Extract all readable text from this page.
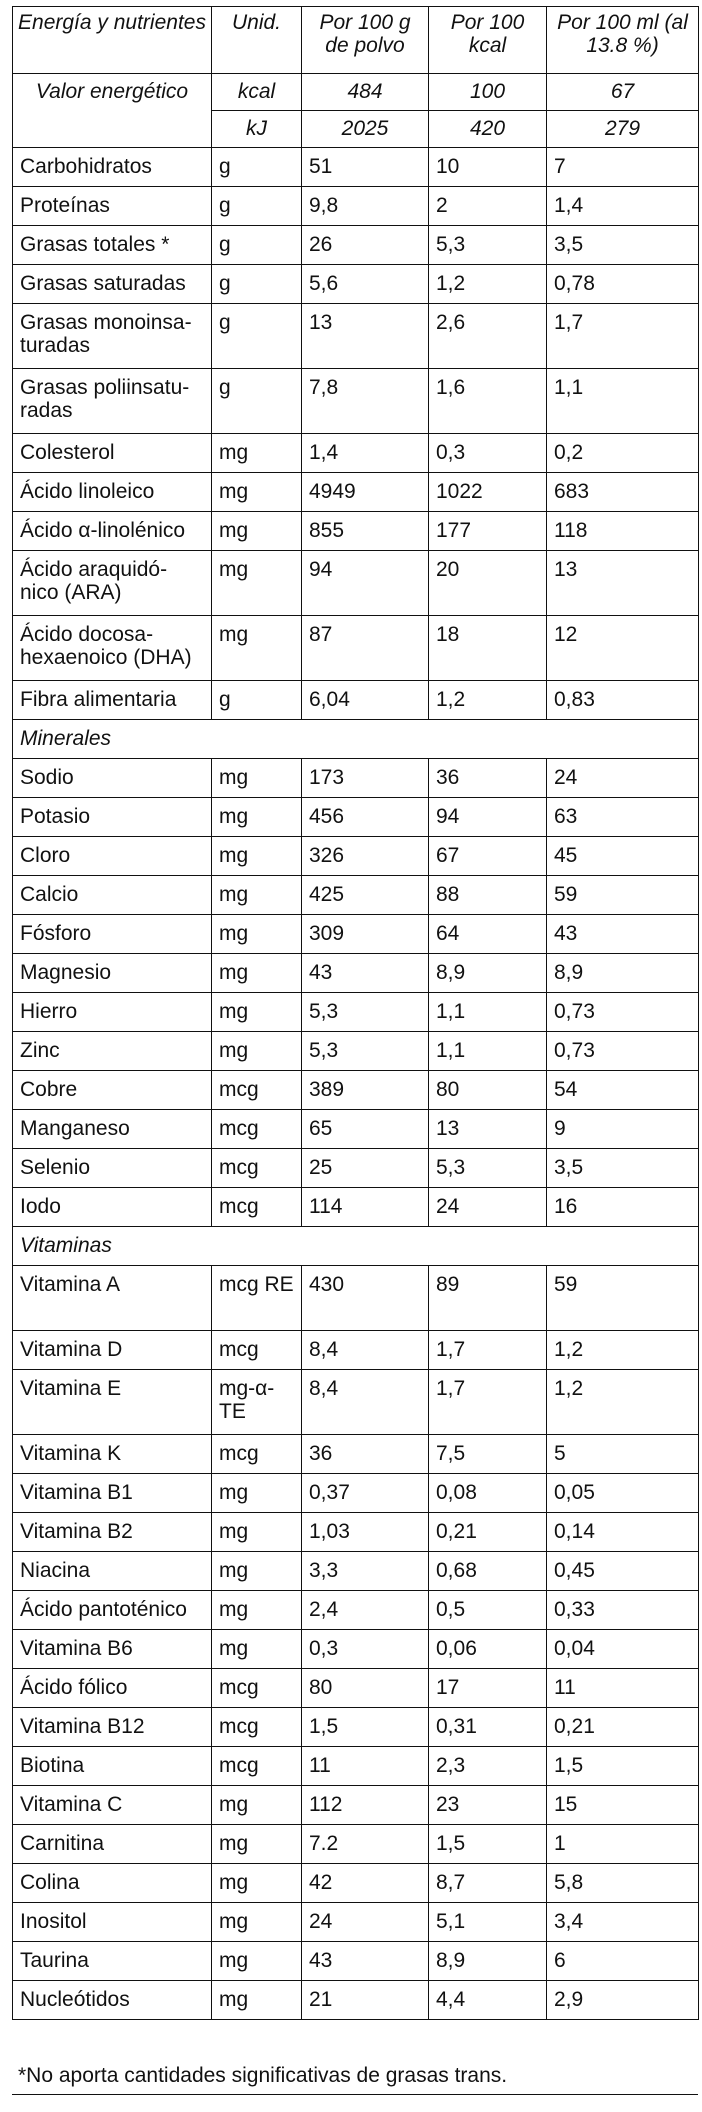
Energía y nutrientes	Unid.	Por 100 g de polvo	Por 100 kcal	Por 100 ml (al 13.8 %)
Valor energético	kcal	484	100	67
	kJ	2025	420	279
Carbohidratos	g	51	10	7
Proteínas	g	9,8	2	1,4
Grasas totales *	g	26	5,3	3,5
Grasas saturadas	g	5,6	1,2	0,78
Grasas monoinsa-turadas	g	13	2,6	1,7
Grasas poliinsatu-radas	g	7,8	1,6	1,1
Colesterol	mg	1,4	0,3	0,2
Ácido linoleico	mg	4949	1022	683
Ácido α-linolénico	mg	855	177	118
Ácido araquidó-nico (ARA)	mg	94	20	13
Ácido docosa-hexaenoico (DHA)	mg	87	18	12
Fibra alimentaria	g	6,04	1,2	0,83
Minerales				
Sodio	mg	173	36	24
Potasio	mg	456	94	63
Cloro	mg	326	67	45
Calcio	mg	425	88	59
Fósforo	mg	309	64	43
Magnesio	mg	43	8,9	8,9
Hierro	mg	5,3	1,1	0,73
Zinc	mg	5,3	1,1	0,73
Cobre	mcg	389	80	54
Manganeso	mcg	65	13	9
Selenio	mcg	25	5,3	3,5
Iodo	mcg	114	24	16
Vitaminas				
Vitamina A	mcg RE	430	89	59
Vitamina D	mcg	8,4	1,7	1,2
Vitamina E	mg-α-TE	8,4	1,7	1,2
Vitamina K	mcg	36	7,5	5
Vitamina B1	mg	0,37	0,08	0,05
Vitamina B2	mg	1,03	0,21	0,14
Niacina	mg	3,3	0,68	0,45
Ácido pantoténico	mg	2,4	0,5	0,33
Vitamina B6	mg	0,3	0,06	0,04
Ácido fólico	mcg	80	17	11
Vitamina B12	mcg	1,5	0,31	0,21
Biotina	mcg	11	2,3	1,5
Vitamina C	mg	112	23	15
Carnitina	mg	7.2	1,5	1
Colina	mg	42	8,7	5,8
Inositol	mg	24	5,1	3,4
Taurina	mg	43	8,9	6
Nucleótidos	mg	21	4,4	2,9
*No aporta cantidades significativas de grasas trans.
